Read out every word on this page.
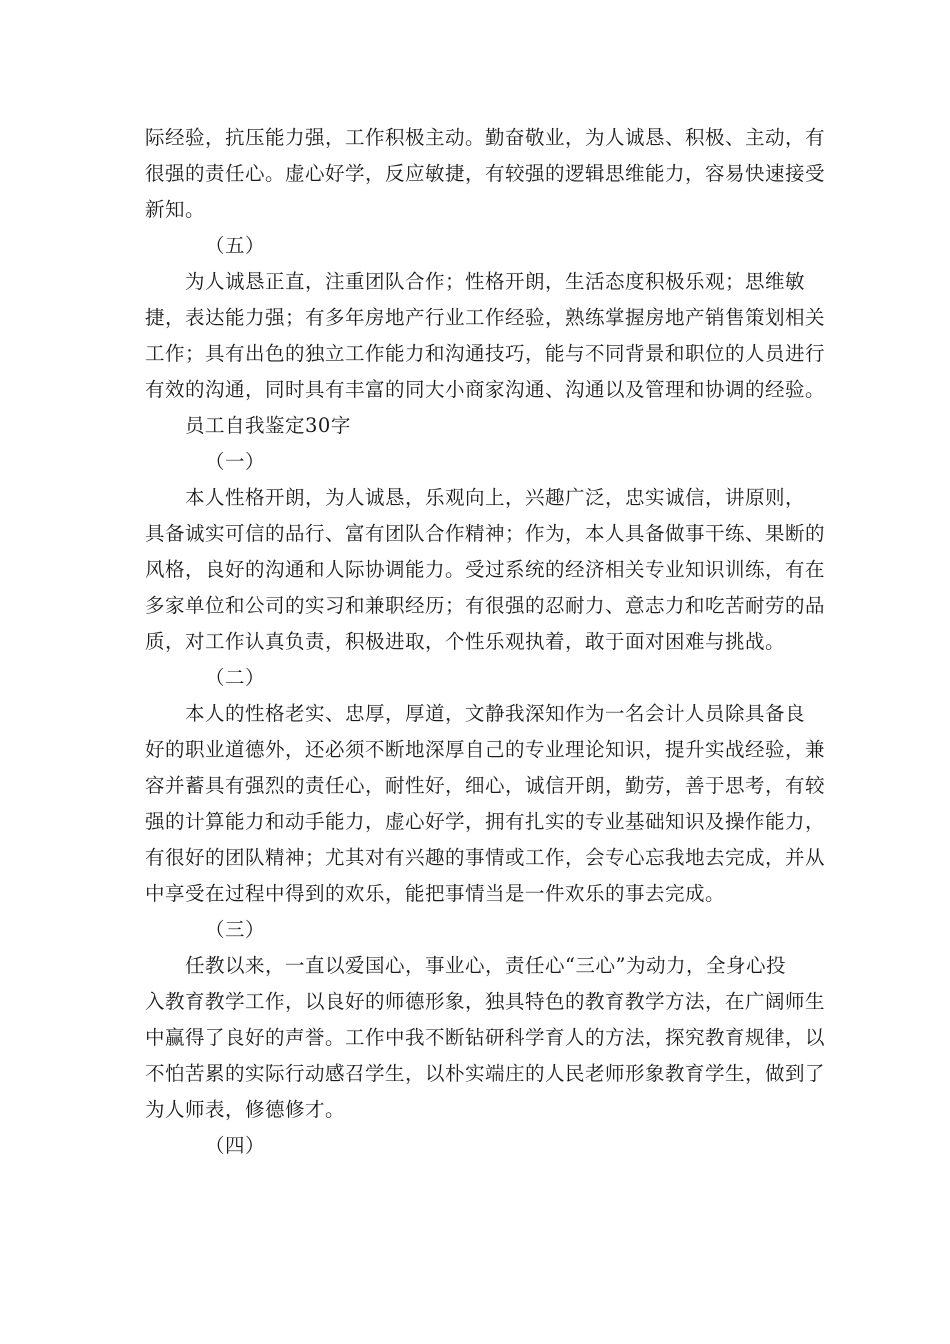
际经验，抗压能力强，工作积极主动。勤奋敬业，为人诚恳、积极、主动，有
很强的责任心。虚心好学，反应敏捷，有较强的逻辑思维能力，容易快速接受
新知。
（五）
为人诚恳正直，注重团队合作；性格开朗，生活态度积极乐观；思维敏
捷，表达能力强；有多年房地产行业工作经验，熟练掌握房地产销售策划相关
工作；具有出色的独立工作能力和沟通技巧，能与不同背景和职位的人员进行
有效的沟通，同时具有丰富的同大小商家沟通、沟通以及管理和协调的经验。
员工自我鉴定30字
（一）
本人性格开朗，为人诚恳，乐观向上，兴趣广泛，忠实诚信，讲原则，
具备诚实可信的品行、富有团队合作精神；作为，本人具备做事干练、果断的
风格，良好的沟通和人际协调能力。受过系统的经济相关专业知识训练，有在
多家单位和公司的实习和兼职经历；有很强的忍耐力、意志力和吃苦耐劳的品
质，对工作认真负责，积极进取，个性乐观执着，敢于面对困难与挑战。
（二）
本人的性格老实、忠厚，厚道，文静我深知作为一名会计人员除具备良
好的职业道德外，还必须不断地深厚自己的专业理论知识，提升实战经验，兼
容并蓄具有强烈的责任心，耐性好，细心，诚信开朗，勤劳，善于思考，有较
强的计算能力和动手能力，虚心好学，拥有扎实的专业基础知识及操作能力，
有很好的团队精神；尤其对有兴趣的事情或工作，会专心忘我地去完成，并从
中享受在过程中得到的欢乐，能把事情当是一件欢乐的事去完成。
（三）
任教以来，一直以爱国心，事业心，责任心“三心”为动力，全身心投
入教育教学工作，以良好的师德形象，独具特色的教育教学方法，在广阔师生
中赢得了良好的声誉。工作中我不断钻研科学育人的方法，探究教育规律，以
不怕苦累的实际行动感召学生，以朴实端庄的人民老师形象教育学生，做到了
为人师表，修德修才。
（四）
